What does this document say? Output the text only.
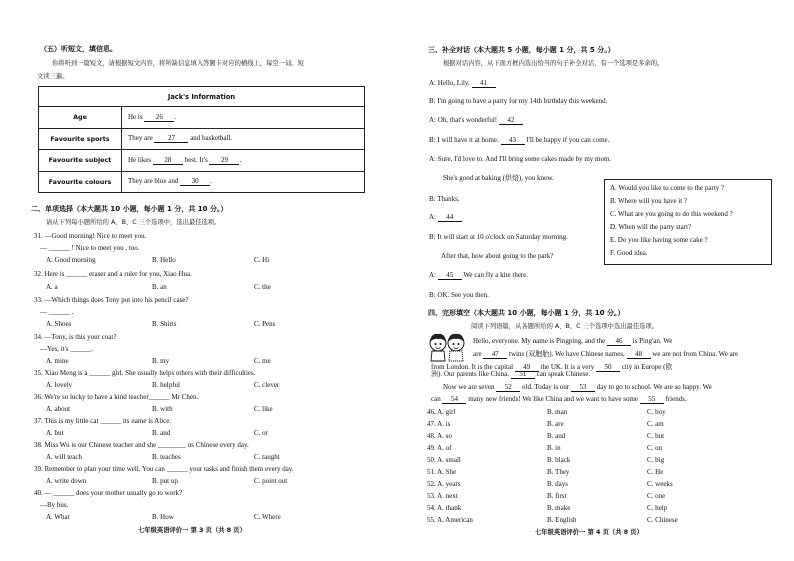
（五）听短文，填信息。
你将听到一篇短文，请根据短文内容，将所缺信息填入答题卡对应的横线上，每空一词。短
文读三遍。
Jack's Information	
Age	He is 26 .
Favourite sports	They are 27 and basketball.
Favourite subject	He likes 28 best. It's 29 .
Favourite colours	They are blue and 30 .
二、单项选择（本大题共 10 小题，每小题 1 分，共 10 分。）
请从下列每小题所给的 A、B、C 三个选项中，选出最佳选项。
31. —Good morning! Nice to meet you.
— ______ ! Nice to meet you , too.
A. Good morning	B. Hello	C. Hi
32. Here is ______ eraser and a ruler for you, Xiao Hua.
A. a	B. an	C. the
33. —Which things does Tony put into his pencil case?
— ______ .
A. Shoes	B. Shirts	C. Pens
34. —Tony, is this your coat?
—Yes, it's ______.
A. mine	B. my	C. me
35. Xiao Meng is a ______ girl. She usually helps others with their difficulties.
A. lovely	B. helpful	C. clever
36. We're so lucky to have a kind teacher______ Mr Chen.
A. about	B. with	C. like
37. This is my little cat ______ its name is Alice.
A. but	B. and	C. or
38. Miss Wu is our Chinese teacher and she ________ us Chinese every day.
A. will teach	B. teaches	C. taught
39. Remember to plan your time well. You can ______ your tasks and finish them every day.
A. write down	B. put up	C. point out
40. — ______ does your mother usually go to work?
—By bus.
A. What	B. How	C. Where
七年级英语评价一 第 3 页（共 8 页）
三、补全对话（本大题共 5 小题，每小题 1 分，共 5 分。）
根据对话内容，从下面方框内选出恰当的句子补全对话，有一个选项是多余的。
A: Hello, Lily. 41
B: I'm going to have a party for my 14th birthday this weekend.
A: Oh, that's wonderful! 42
B: I will have it at home. 43 I'll be happy if you can come.
A: Sure, I'd love to. And I'll bring some cakes made by my mom.
She's good at baking (烘焙), you know.
B: Thanks.
A: 44
B: It will start at 10 o'clock on Saturday morning.
After that, how about going to the park?
A: 45 We can fly a kite there.
B: OK. See you then.
四、完形填空（本大题共 10 小题，每小题 1 分，共 10 分。）
阅读下列语篇，从各题所给的 A、B、C 三个选项中选出最佳选项。
Hello, everyone. My name is Pingping, and the 46 is Ping'an. We
are 47 twins (双胞胎). We have Chinese names, 48 we are not from China. We are
from London. It is the capital 49 the UK. It is a very 50 city in Europe (欧
洲). Our parents like China. 51 can speak Chinese.
Now we are seven 52 old. Today is our 53 day to go to school. We are so happy. We
can 54 many new friends! We like China and we want to have some 55 friends.
46. A. girl	B. man	C. boy
47. A. is	B. are	C. am
48. A. so	B. and	C. but
49. A. of	B. in	C. on
50. A. small	B. black	C. big
51. A. She	B. They	C. He
52. A. years	B. days	C. weeks
53. A. next	B. first	C. one
54. A. thank	B. make	C. help
55. A. American	B. English	C. Chinese
七年级英语评价一 第 4 页（共 8 页）
A. Would you like to come to the party ?
B. Where will you have it ?
C. What are you going to do this weekend ?
D. When will the party start?
E. Do you like having some cake ?
F. Good idea.
